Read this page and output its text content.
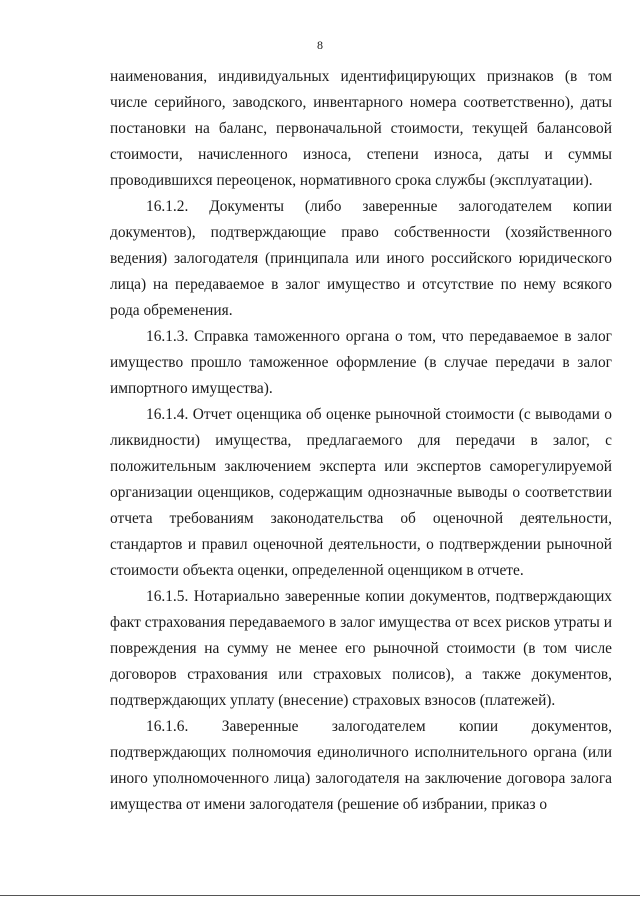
8

наименования, индивидуальных идентифицирующих признаков (в том числе серийного, заводского, инвентарного номера соответственно), даты постановки на баланс, первоначальной стоимости, текущей балансовой стоимости, начисленного износа, степени износа, даты и суммы проводившихся переоценок, нормативного срока службы (эксплуатации).

16.1.2. Документы (либо заверенные залогодателем копии документов), подтверждающие право собственности (хозяйственного ведения) залогодателя (принципала или иного российского юридического лица) на передаваемое в залог имущество и отсутствие по нему всякого рода обременения.

16.1.3. Справка таможенного органа о том, что передаваемое в залог имущество прошло таможенное оформление (в случае передачи в залог импортного имущества).

16.1.4. Отчет оценщика об оценке рыночной стоимости (с выводами о ликвидности) имущества, предлагаемого для передачи в залог, с положительным заключением эксперта или экспертов саморегулируемой организации оценщиков, содержащим однозначные выводы о соответствии отчета требованиям законодательства об оценочной деятельности, стандартов и правил оценочной деятельности, о подтверждении рыночной стоимости объекта оценки, определенной оценщиком в отчете.

16.1.5. Нотариально заверенные копии документов, подтверждающих факт страхования передаваемого в залог имущества от всех рисков утраты и повреждения на сумму не менее его рыночной стоимости (в том числе договоров страхования или страховых полисов), а также документов, подтверждающих уплату (внесение) страховых взносов (платежей).

16.1.6. Заверенные залогодателем копии документов, подтверждающих полномочия единоличного исполнительного органа (или иного уполномоченного лица) залогодателя на заключение договора залога имущества от имени залогодателя (решение об избрании, приказ о
